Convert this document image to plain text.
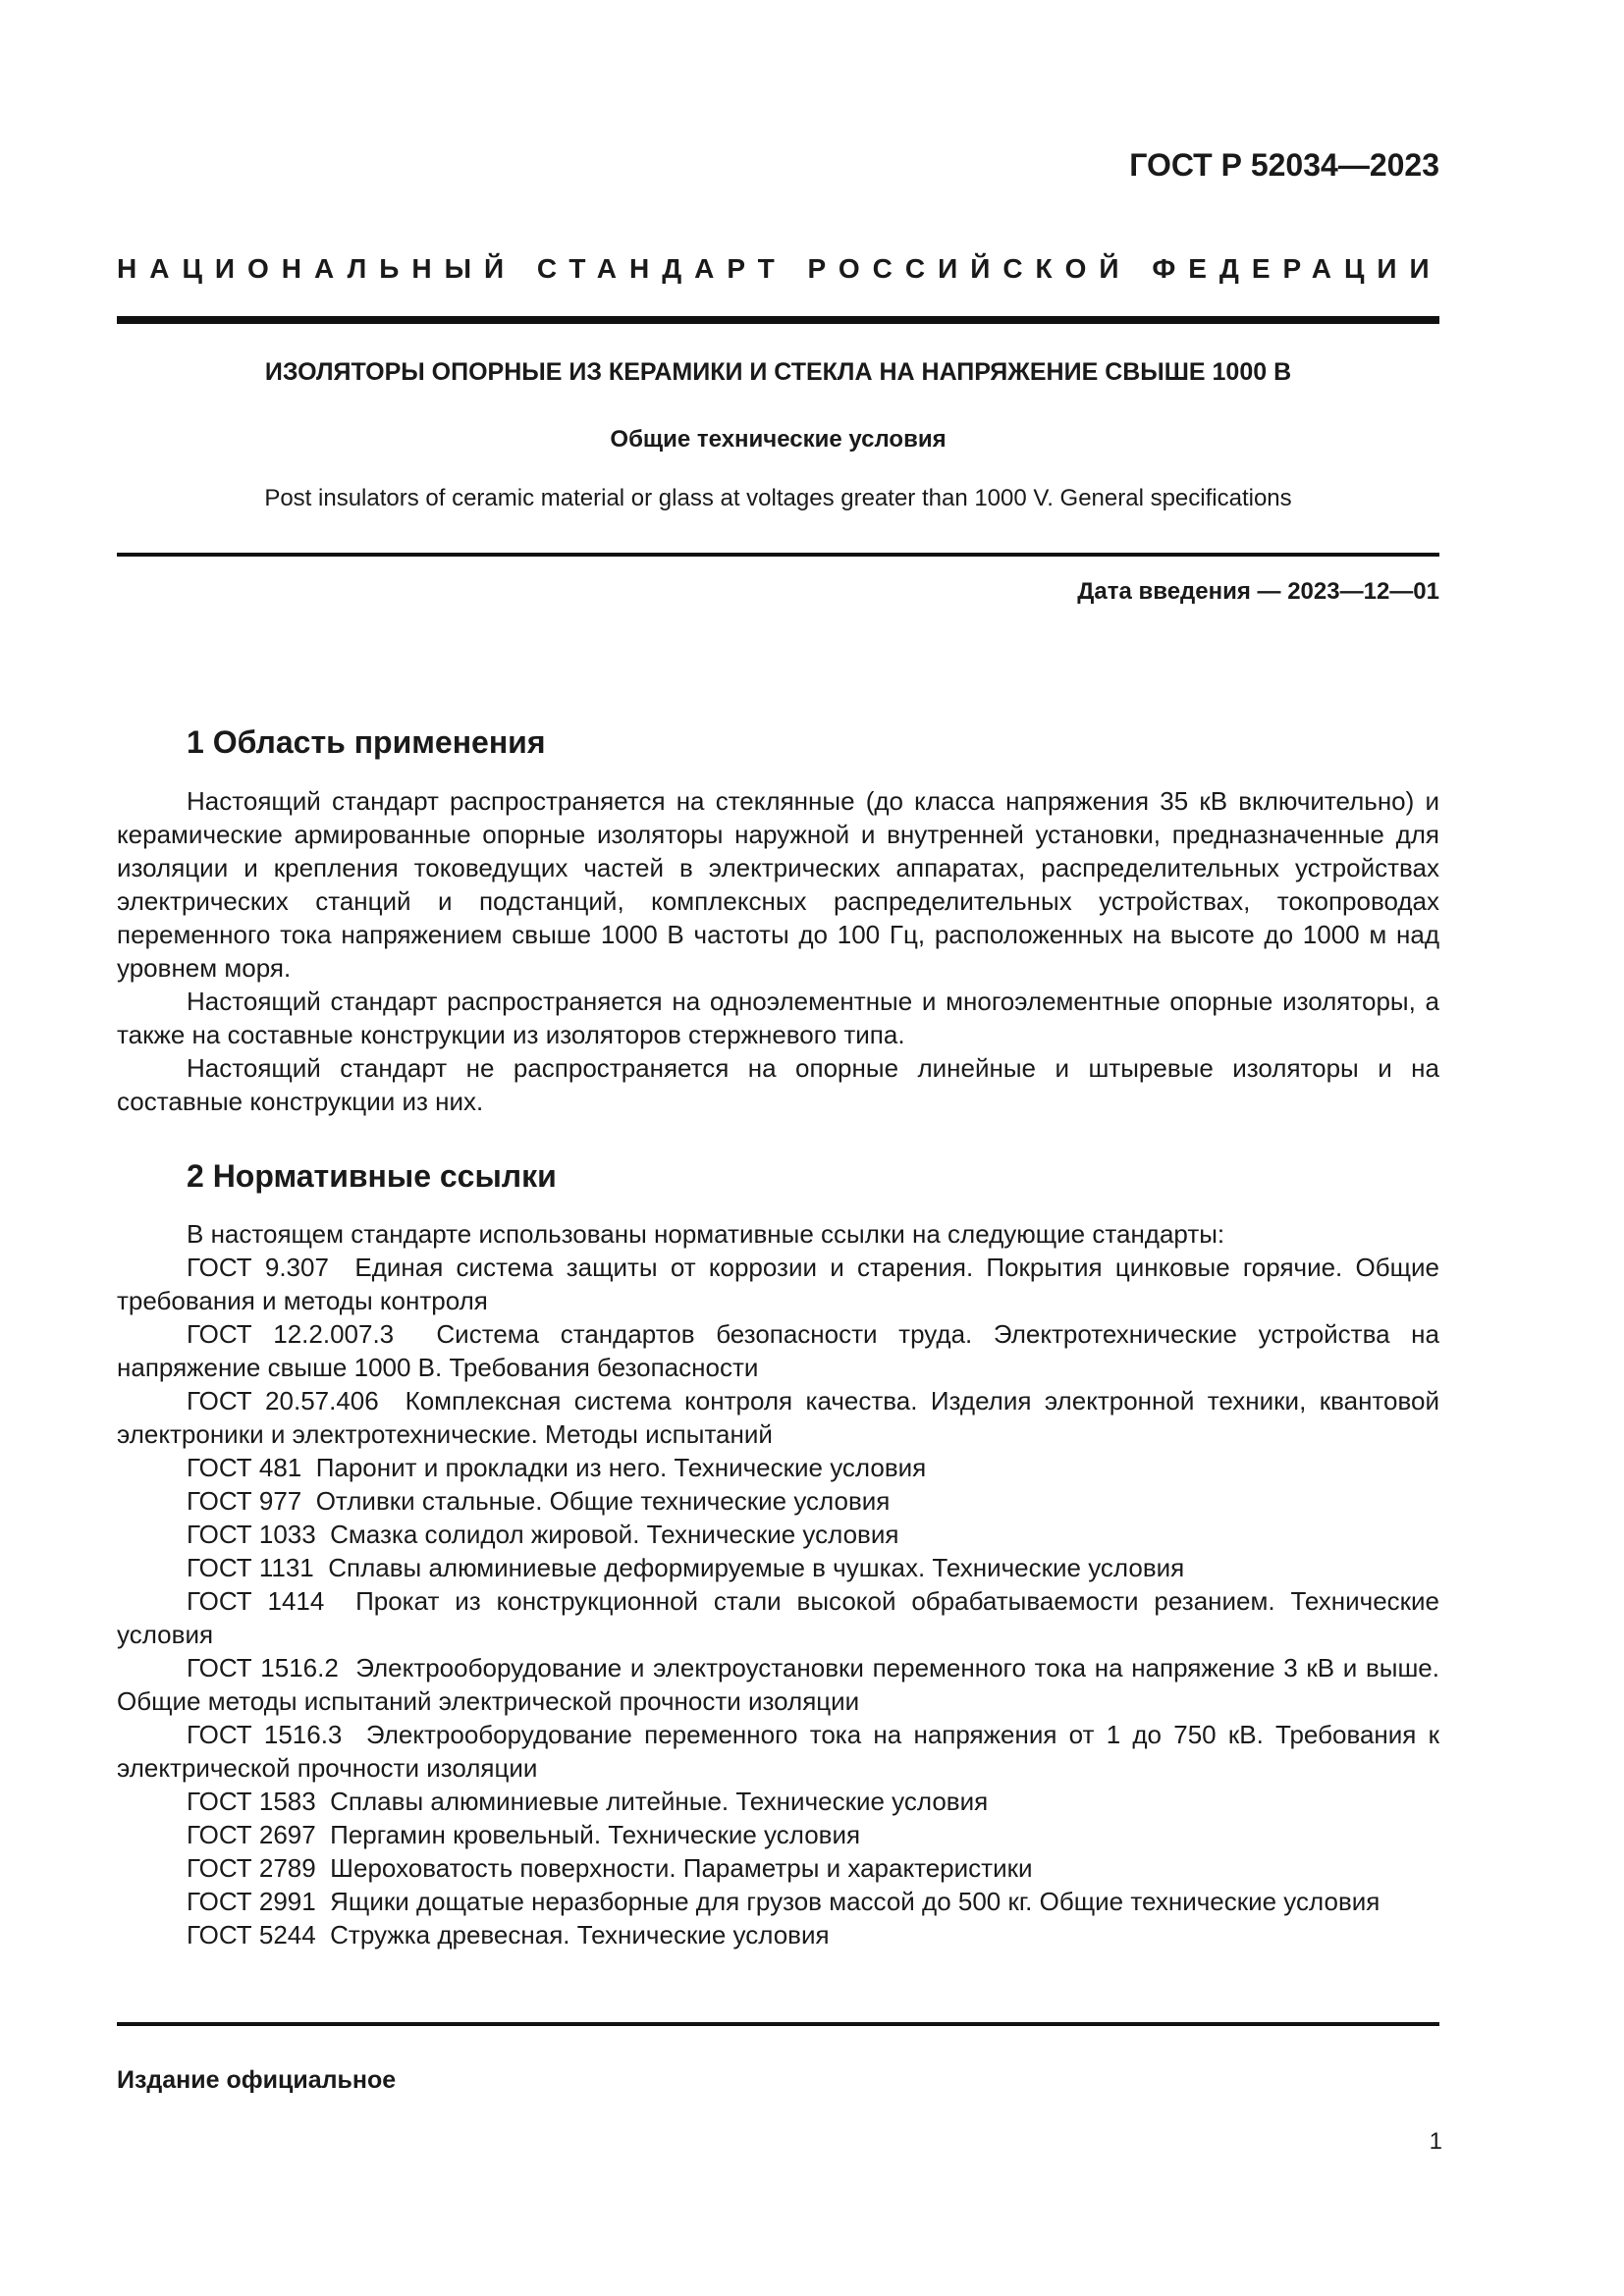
ГОСТ Р 52034—2023
НАЦИОНАЛЬНЫЙ СТАНДАРТ РОССИЙСКОЙ ФЕДЕРАЦИИ
ИЗОЛЯТОРЫ ОПОРНЫЕ ИЗ КЕРАМИКИ И СТЕКЛА НА НАПРЯЖЕНИЕ СВЫШЕ 1000 В
Общие технические условия
Post insulators of ceramic material or glass at voltages greater than 1000 V. General specifications
Дата введения — 2023—12—01
1 Область применения

Настоящий стандарт распространяется на стеклянные (до класса напряжения 35 кВ включительно) и керамические армированные опорные изоляторы наружной и внутренней установки, предназначенные для изоляции и крепления токоведущих частей в электрических аппаратах, распределительных устройствах электрических станций и подстанций, комплексных распределительных устройствах, токопроводах переменного тока напряжением свыше 1000 В частоты до 100 Гц, расположенных на высоте до 1000 м над уровнем моря.

Настоящий стандарт распространяется на одноэлементные и многоэлементные опорные изоляторы, а также на составные конструкции из изоляторов стержневого типа.

Настоящий стандарт не распространяется на опорные линейные и штыревые изоляторы и на составные конструкции из них.

2 Нормативные ссылки

В настоящем стандарте использованы нормативные ссылки на следующие стандарты:

ГОСТ 9.307 Единая система защиты от коррозии и старения. Покрытия цинковые горячие. Общие требования и методы контроля

ГОСТ 12.2.007.3 Система стандартов безопасности труда. Электротехнические устройства на напряжение свыше 1000 В. Требования безопасности

ГОСТ 20.57.406 Комплексная система контроля качества. Изделия электронной техники, квантовой электроники и электротехнические. Методы испытаний

ГОСТ 481 Паронит и прокладки из него. Технические условия

ГОСТ 977 Отливки стальные. Общие технические условия

ГОСТ 1033 Смазка солидол жировой. Технические условия

ГОСТ 1131 Сплавы алюминиевые деформируемые в чушках. Технические условия

ГОСТ 1414 Прокат из конструкционной стали высокой обрабатываемости резанием. Технические условия

ГОСТ 1516.2 Электрооборудование и электроустановки переменного тока на напряжение 3 кВ и выше. Общие методы испытаний электрической прочности изоляции

ГОСТ 1516.3 Электрооборудование переменного тока на напряжения от 1 до 750 кВ. Требования к электрической прочности изоляции

ГОСТ 1583 Сплавы алюминиевые литейные. Технические условия

ГОСТ 2697 Пергамин кровельный. Технические условия

ГОСТ 2789 Шероховатость поверхности. Параметры и характеристики

ГОСТ 2991 Ящики дощатые неразборные для грузов массой до 500 кг. Общие технические условия

ГОСТ 5244 Стружка древесная. Технические условия

Издание официальное
1
